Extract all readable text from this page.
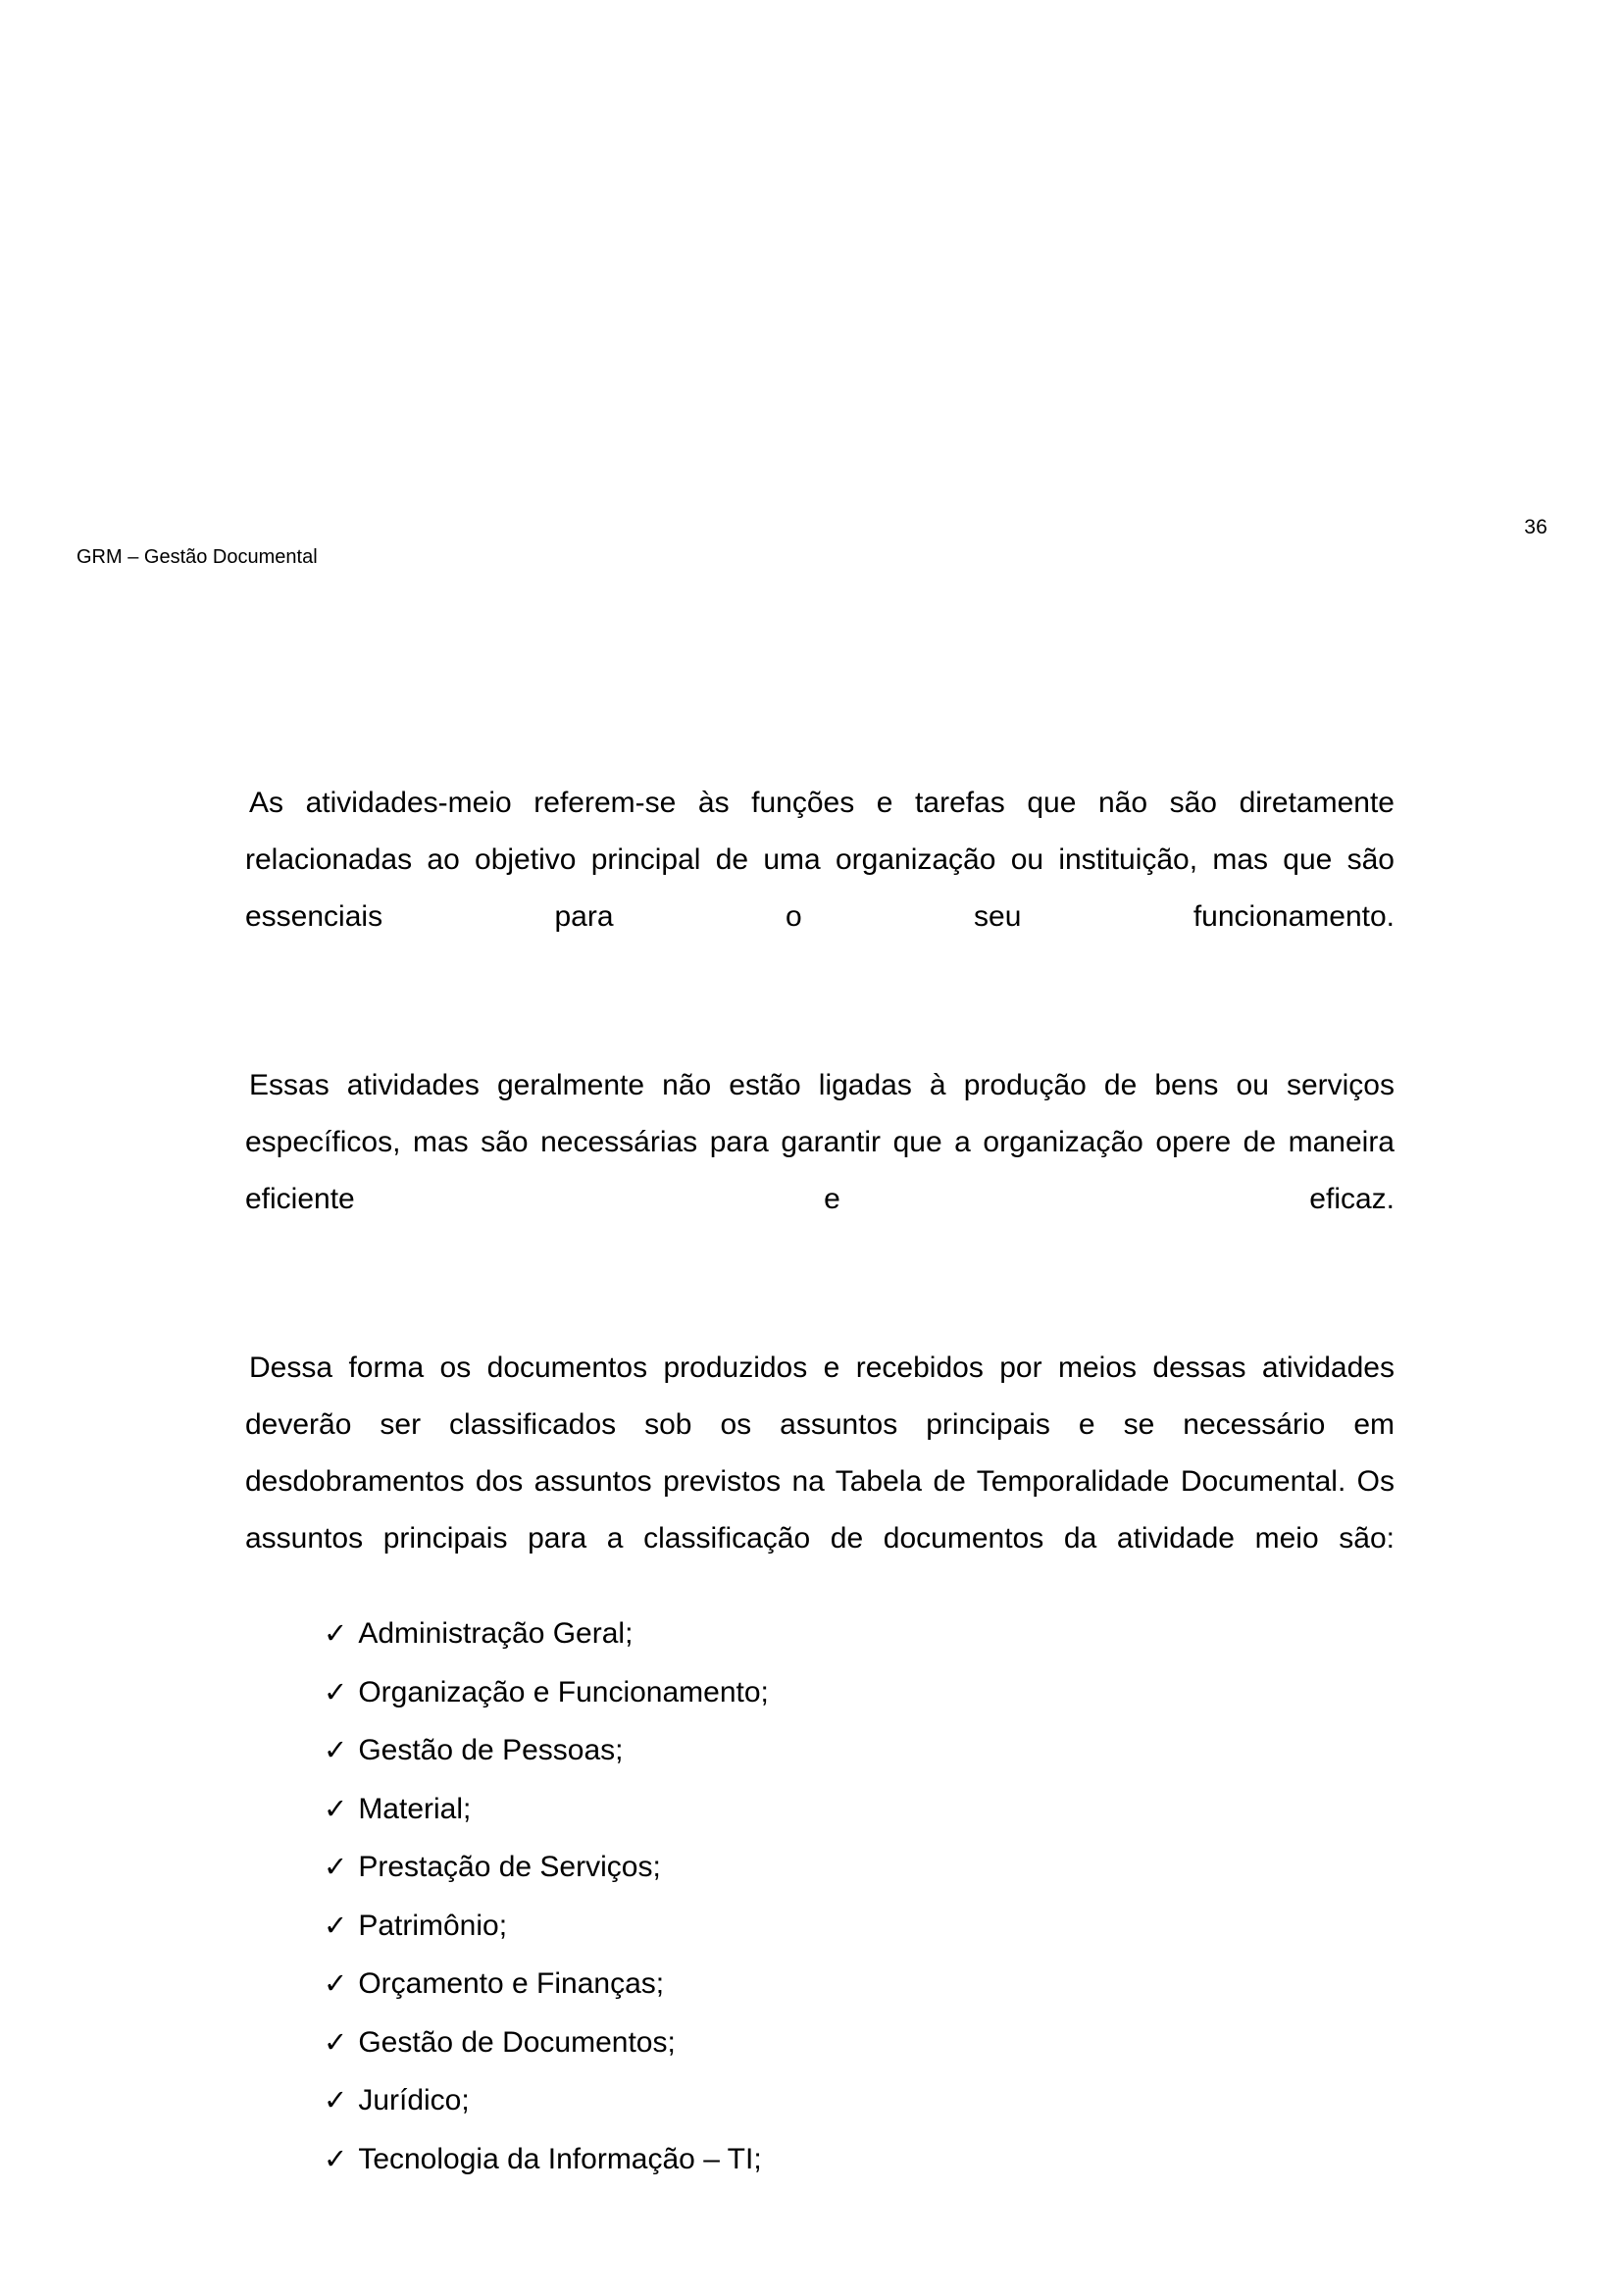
36
GRM – Gestão Documental

As atividades-meio referem-se às funções e tarefas que não são diretamente relacionadas ao objetivo principal de uma organização ou instituição, mas que são essenciais para o seu funcionamento.

Essas atividades geralmente não estão ligadas à produção de bens ou serviços específicos, mas são necessárias para garantir que a organização opere de maneira eficiente e eficaz.

Dessa forma os documentos produzidos e recebidos por meios dessas atividades deverão ser classificados sob os assuntos principais e se necessário em desdobramentos dos assuntos previstos na Tabela de Temporalidade Documental. Os assuntos principais para a classificação de documentos da atividade meio são:

✓ Administração Geral;
✓ Organização e Funcionamento;
✓ Gestão de Pessoas;
✓ Material;
✓ Prestação de Serviços;
✓ Patrimônio;
✓ Orçamento e Finanças;
✓ Gestão de Documentos;
✓ Jurídico;
✓ Tecnologia da Informação – TI;
